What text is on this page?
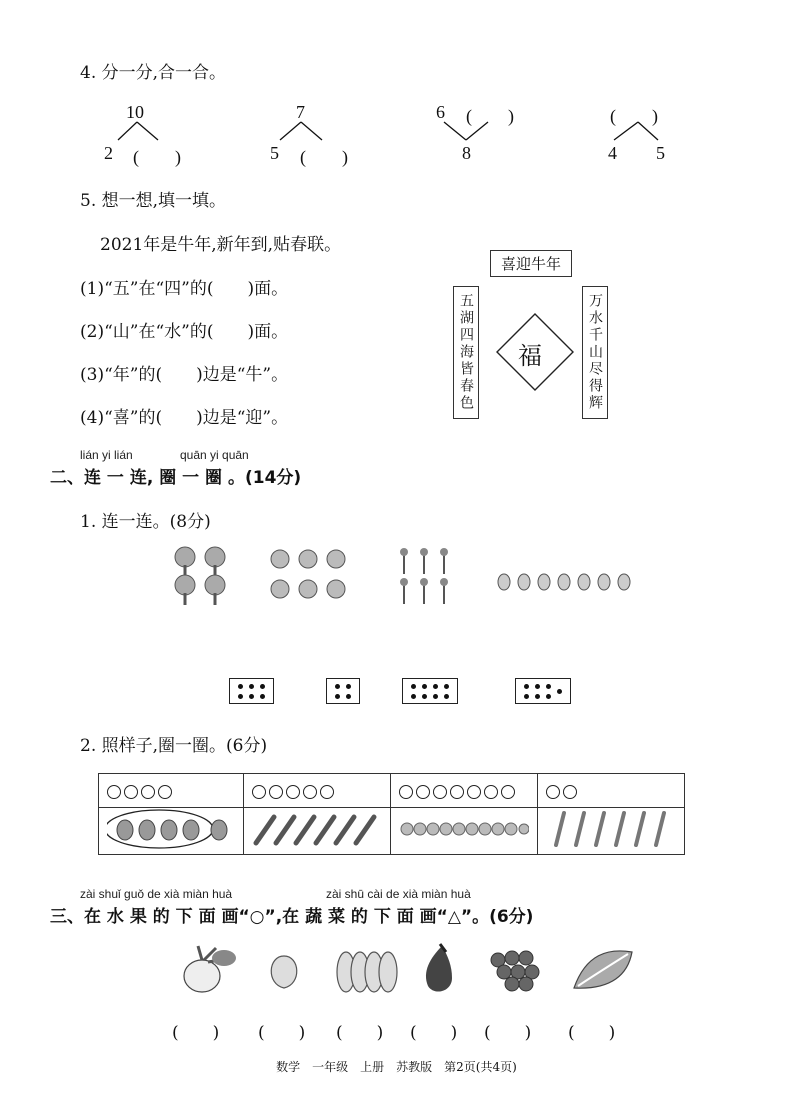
4. 分一分,合一合。
10
2 (　　)
7
5 (　　)
6 (　　)
8
(　　)
4 5
5. 想一想,填一填。
2021年是牛年,新年到,贴春联。
(1)“五”在“四”的(　　)面。
(2)“山”在“水”的(　　)面。
(3)“年”的(　　)边是“牛”。
(4)“喜”的(　　)边是“迎”。
喜迎牛年
五湖四海皆春色	万水千山尽得辉
福
lián yi lián	quān yi quān
二、连 一 连, 圈 一 圈 。(14分)
1. 连一连。(8分)
2. 照样子,圈一圈。(6分)

zài shuǐ guǒ de xià miàn huà	zài shū cài de xià miàn huà
三、在 水 果 的 下 面 画“○”,在 蔬 菜 的 下 面 画“△”。(6分)
(　　) (　　) (　　) (　　) (　　) (　　)
数学　一年级　上册　苏教版　第2页(共4页)
